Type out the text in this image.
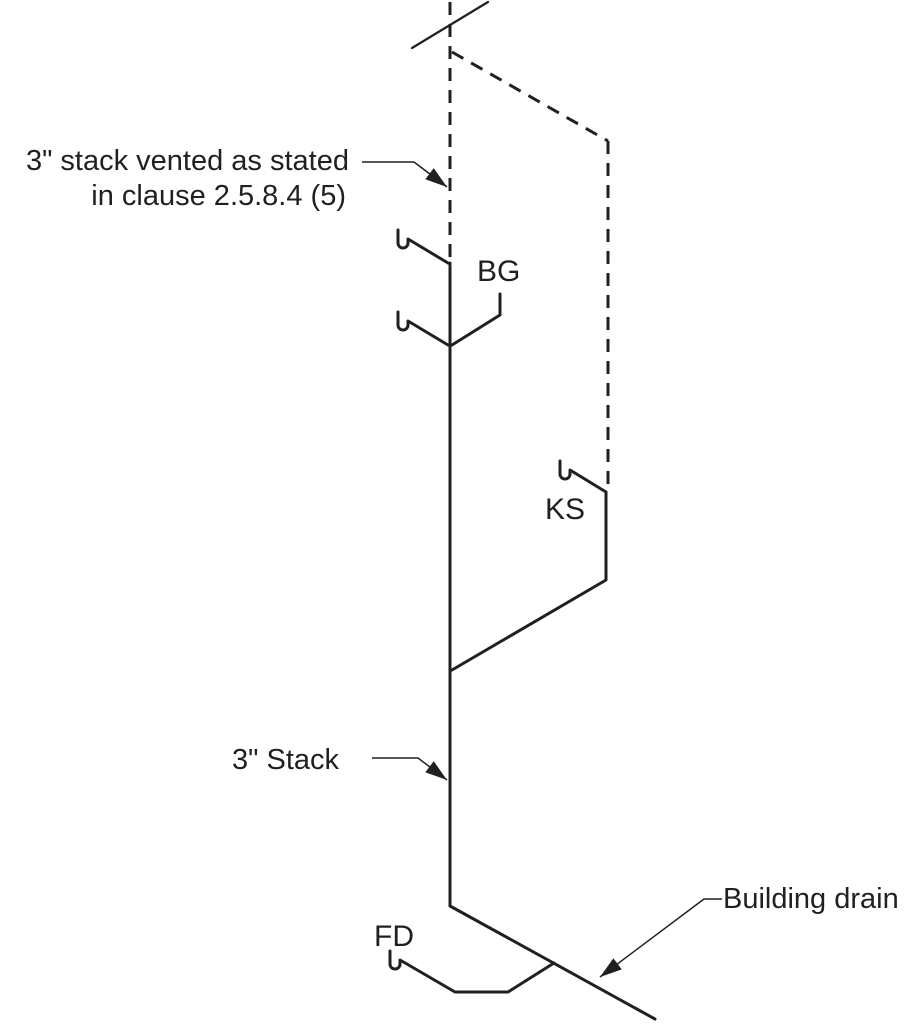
3" stack vented as stated
in clause 2.5.8.4 (5)
BG
KS
3" Stack
FD
Building drain
